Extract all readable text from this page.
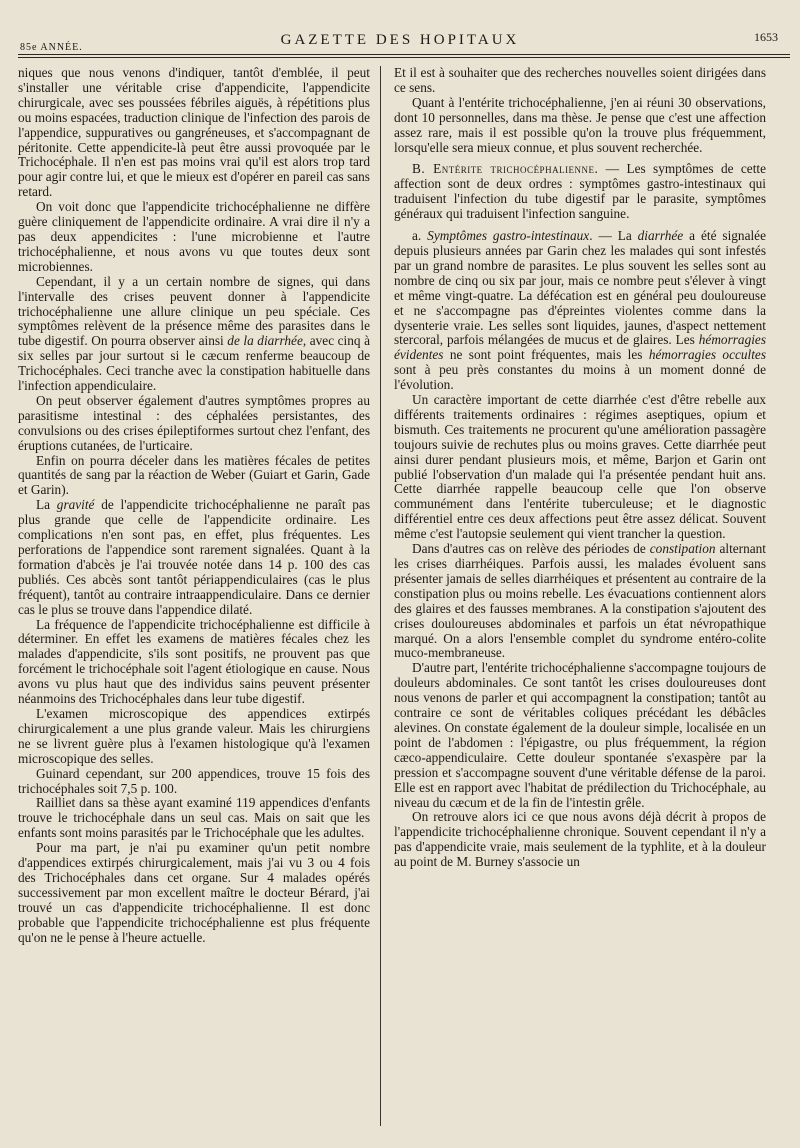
85e ANNÉE.	GAZETTE DES HOPITAUX	1653

niques que nous venons d'indiquer, tantôt d'emblée, il peut s'installer une véritable crise d'appendicite, l'appendicite chirurgicale, avec ses poussées fébriles aiguës, à répétitions plus ou moins espacées, traduction clinique de l'infection des parois de l'appendice, suppuratives ou gangréneuses, et s'accompagnant de péritonite. Cette appendicite-là peut être aussi provoquée par le Trichocéphale. Il n'en est pas moins vrai qu'il est alors trop tard pour agir contre lui, et que le mieux est d'opérer en pareil cas sans retard.

On voit donc que l'appendicite trichocéphalienne ne diffère guère cliniquement de l'appendicite ordinaire. A vrai dire il n'y a pas deux appendicites : l'une microbienne et l'autre trichocéphalienne, et nous avons vu que toutes deux sont microbiennes.

Cependant, il y a un certain nombre de signes, qui dans l'intervalle des crises peuvent donner à l'appendicite trichocéphalienne une allure clinique un peu spéciale. Ces symptômes relèvent de la présence même des parasites dans le tube digestif. On pourra observer ainsi de la diarrhée, avec cinq à six selles par jour surtout si le cæcum renferme beaucoup de Trichocéphales. Ceci tranche avec la constipation habituelle dans l'infection appendiculaire.

On peut observer également d'autres symptômes propres au parasitisme intestinal : des céphalées persistantes, des convulsions ou des crises épileptiformes surtout chez l'enfant, des éruptions cutanées, de l'urticaire.

Enfin on pourra déceler dans les matières fécales de petites quantités de sang par la réaction de Weber (Guiart et Garin, Gade et Garin).

La gravité de l'appendicite trichocéphalienne ne paraît pas plus grande que celle de l'appendicite ordinaire. Les complications n'en sont pas, en effet, plus fréquentes. Les perforations de l'appendice sont rarement signalées. Quant à la formation d'abcès je l'ai trouvée notée dans 14 p. 100 des cas publiés. Ces abcès sont tantôt périappendiculaires (cas le plus fréquent), tantôt au contraire intraappendiculaire. Dans ce dernier cas le plus se trouve dans l'appendice dilaté.

La fréquence de l'appendicite trichocéphalienne est difficile à déterminer. En effet les examens de matières fécales chez les malades d'appendicite, s'ils sont positifs, ne prouvent pas que forcément le trichocéphale soit l'agent étiologique en cause. Nous avons vu plus haut que des individus sains peuvent présenter néanmoins des Trichocéphales dans leur tube digestif.

L'examen microscopique des appendices extirpés chirurgicalement a une plus grande valeur. Mais les chirurgiens ne se livrent guère plus à l'examen histologique qu'à l'examen microscopique des selles.

Guinard cependant, sur 200 appendices, trouve 15 fois des trichocéphales soit 7,5 p. 100.

Railliet dans sa thèse ayant examiné 119 appendices d'enfants trouve le trichocéphale dans un seul cas. Mais on sait que les enfants sont moins parasités par le Trichocéphale que les adultes.

Pour ma part, je n'ai pu examiner qu'un petit nombre d'appendices extirpés chirurgicalement, mais j'ai vu 3 ou 4 fois des Trichocéphales dans cet organe. Sur 4 malades opérés successivement par mon excellent maître le docteur Bérard, j'ai trouvé un cas d'appendicite trichocéphalienne. Il est donc probable que l'appendicite trichocéphalienne est plus fréquente qu'on ne le pense à l'heure actuelle.

Et il est à souhaiter que des recherches nouvelles soient dirigées dans ce sens.

Quant à l'entérite trichocéphalienne, j'en ai réuni 30 observations, dont 10 personnelles, dans ma thèse. Je pense que c'est une affection assez rare, mais il est possible qu'on la trouve plus fréquemment, lorsqu'elle sera mieux connue, et plus souvent recherchée.

B. Entérite trichocéphalienne. — Les symptômes de cette affection sont de deux ordres : symptômes gastro-intestinaux qui traduisent l'infection du tube digestif par le parasite, symptômes généraux qui traduisent l'infection sanguine.

a. Symptômes gastro-intestinaux. — La diarrhée a été signalée depuis plusieurs années par Garin chez les malades qui sont infestés par un grand nombre de parasites. Le plus souvent les selles sont au nombre de cinq ou six par jour, mais ce nombre peut s'élever à vingt et même vingt-quatre. La défécation est en général peu douloureuse et ne s'accompagne pas d'épreintes violentes comme dans la dysenterie vraie. Les selles sont liquides, jaunes, d'aspect nettement stercoral, parfois mélangées de mucus et de glaires. Les hémorragies évidentes ne sont point fréquentes, mais les hémorragies occultes sont à peu près constantes du moins à un moment donné de l'évolution.

Un caractère important de cette diarrhée c'est d'être rebelle aux différents traitements ordinaires : régimes aseptiques, opium et bismuth. Ces traitements ne procurent qu'une amélioration passagère toujours suivie de rechutes plus ou moins graves. Cette diarrhée peut ainsi durer pendant plusieurs mois, et même, Barjon et Garin ont publié l'observation d'un malade qui l'a présentée pendant huit ans. Cette diarrhée rappelle beaucoup celle que l'on observe communément dans l'entérite tuberculeuse; et le diagnostic différentiel entre ces deux affections peut être assez délicat. Souvent même c'est l'autopsie seulement qui vient trancher la question.

Dans d'autres cas on relève des périodes de constipation alternant les crises diarrhéiques. Parfois aussi, les malades évoluent sans présenter jamais de selles diarrhéiques et présentent au contraire de la constipation plus ou moins rebelle. Les évacuations contiennent alors des glaires et des fausses membranes. A la constipation s'ajoutent des crises douloureuses abdominales et parfois un état névropathique marqué. On a alors l'ensemble complet du syndrome entéro-colite muco-membraneuse.

D'autre part, l'entérite trichocéphalienne s'accompagne toujours de douleurs abdominales. Ce sont tantôt les crises douloureuses dont nous venons de parler et qui accompagnent la constipation; tantôt au contraire ce sont de véritables coliques précédant les débâcles alevines. On constate également de la douleur simple, localisée en un point de l'abdomen : l'épigastre, ou plus fréquemment, la région cæco-appendiculaire. Cette douleur spontanée s'exaspère par la pression et s'accompagne souvent d'une véritable défense de la paroi. Elle est en rapport avec l'habitat de prédilection du Trichocéphale, au niveau du cæcum et de la fin de l'intestin grêle.

On retrouve alors ici ce que nous avons déjà décrit à propos de l'appendicite trichocéphalienne chronique. Souvent cependant il n'y a pas d'appendicite vraie, mais seulement de la typhlite, et à la douleur au point de M. Burney s'associe un
